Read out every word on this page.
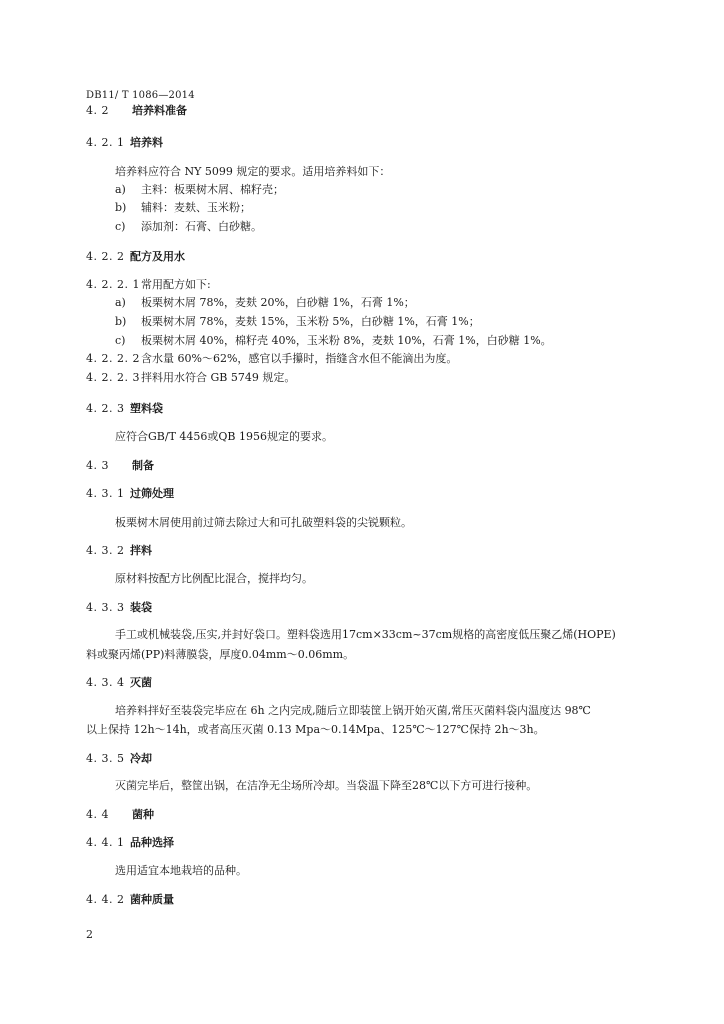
DB11/ T 1086—2014
4. 2 培养料准备
4. 2. 1 培养料
培养料应符合 NY 5099 规定的要求。适用培养料如下：
a) 主料：板栗树木屑、棉籽壳；
b) 辅料：麦麸、玉米粉；
c) 添加剂：石膏、白砂糖。
4. 2. 2 配方及用水
4. 2. 2. 1常用配方如下:
a) 板栗树木屑 78%，麦麸 20%，白砂糖 1%，石膏 1%；
b) 板栗树木屑 78%，麦麸 15%，玉米粉 5%，白砂糖 1%，石膏 1%；
c) 板栗树木屑 40%，棉籽壳 40%，玉米粉 8%，麦麸 10%，石膏 1%，白砂糖 1%。
4. 2. 2. 2含水量 60%～62%，感官以手攥时，指缝含水但不能滴出为度。
4. 2. 2. 3拌料用水符合 GB 5749 规定。
4. 2. 3 塑料袋
应符合GB/T 4456或QB 1956规定的要求。
4. 3 制备
4. 3. 1 过筛处理
板栗树木屑使用前过筛去除过大和可扎破塑料袋的尖锐颗粒。
4. 3. 2 拌料
原材料按配方比例配比混合，搅拌均匀。
4. 3. 3 装袋
手工或机械装袋,压实,并封好袋口。塑料袋选用17cm×33cm~37cm规格的高密度低压聚乙烯(HOPE)
料或聚丙烯(PP)料薄膜袋，厚度0.04mm～0.06mm。
4. 3. 4 灭菌
培养料拌好至装袋完毕应在 6h 之内完成,随后立即装筐上锅开始灭菌,常压灭菌料袋内温度达 98℃
以上保持 12h～14h，或者高压灭菌 0.13 Mpa～0.14Mpa、125℃～127℃保持 2h～3h。
4. 3. 5 冷却
灭菌完毕后，整筐出锅，在洁净无尘场所冷却。当袋温下降至28℃以下方可进行接种。
4. 4 菌种
4. 4. 1 品种选择
选用适宜本地栽培的品种。
4. 4. 2 菌种质量
2
